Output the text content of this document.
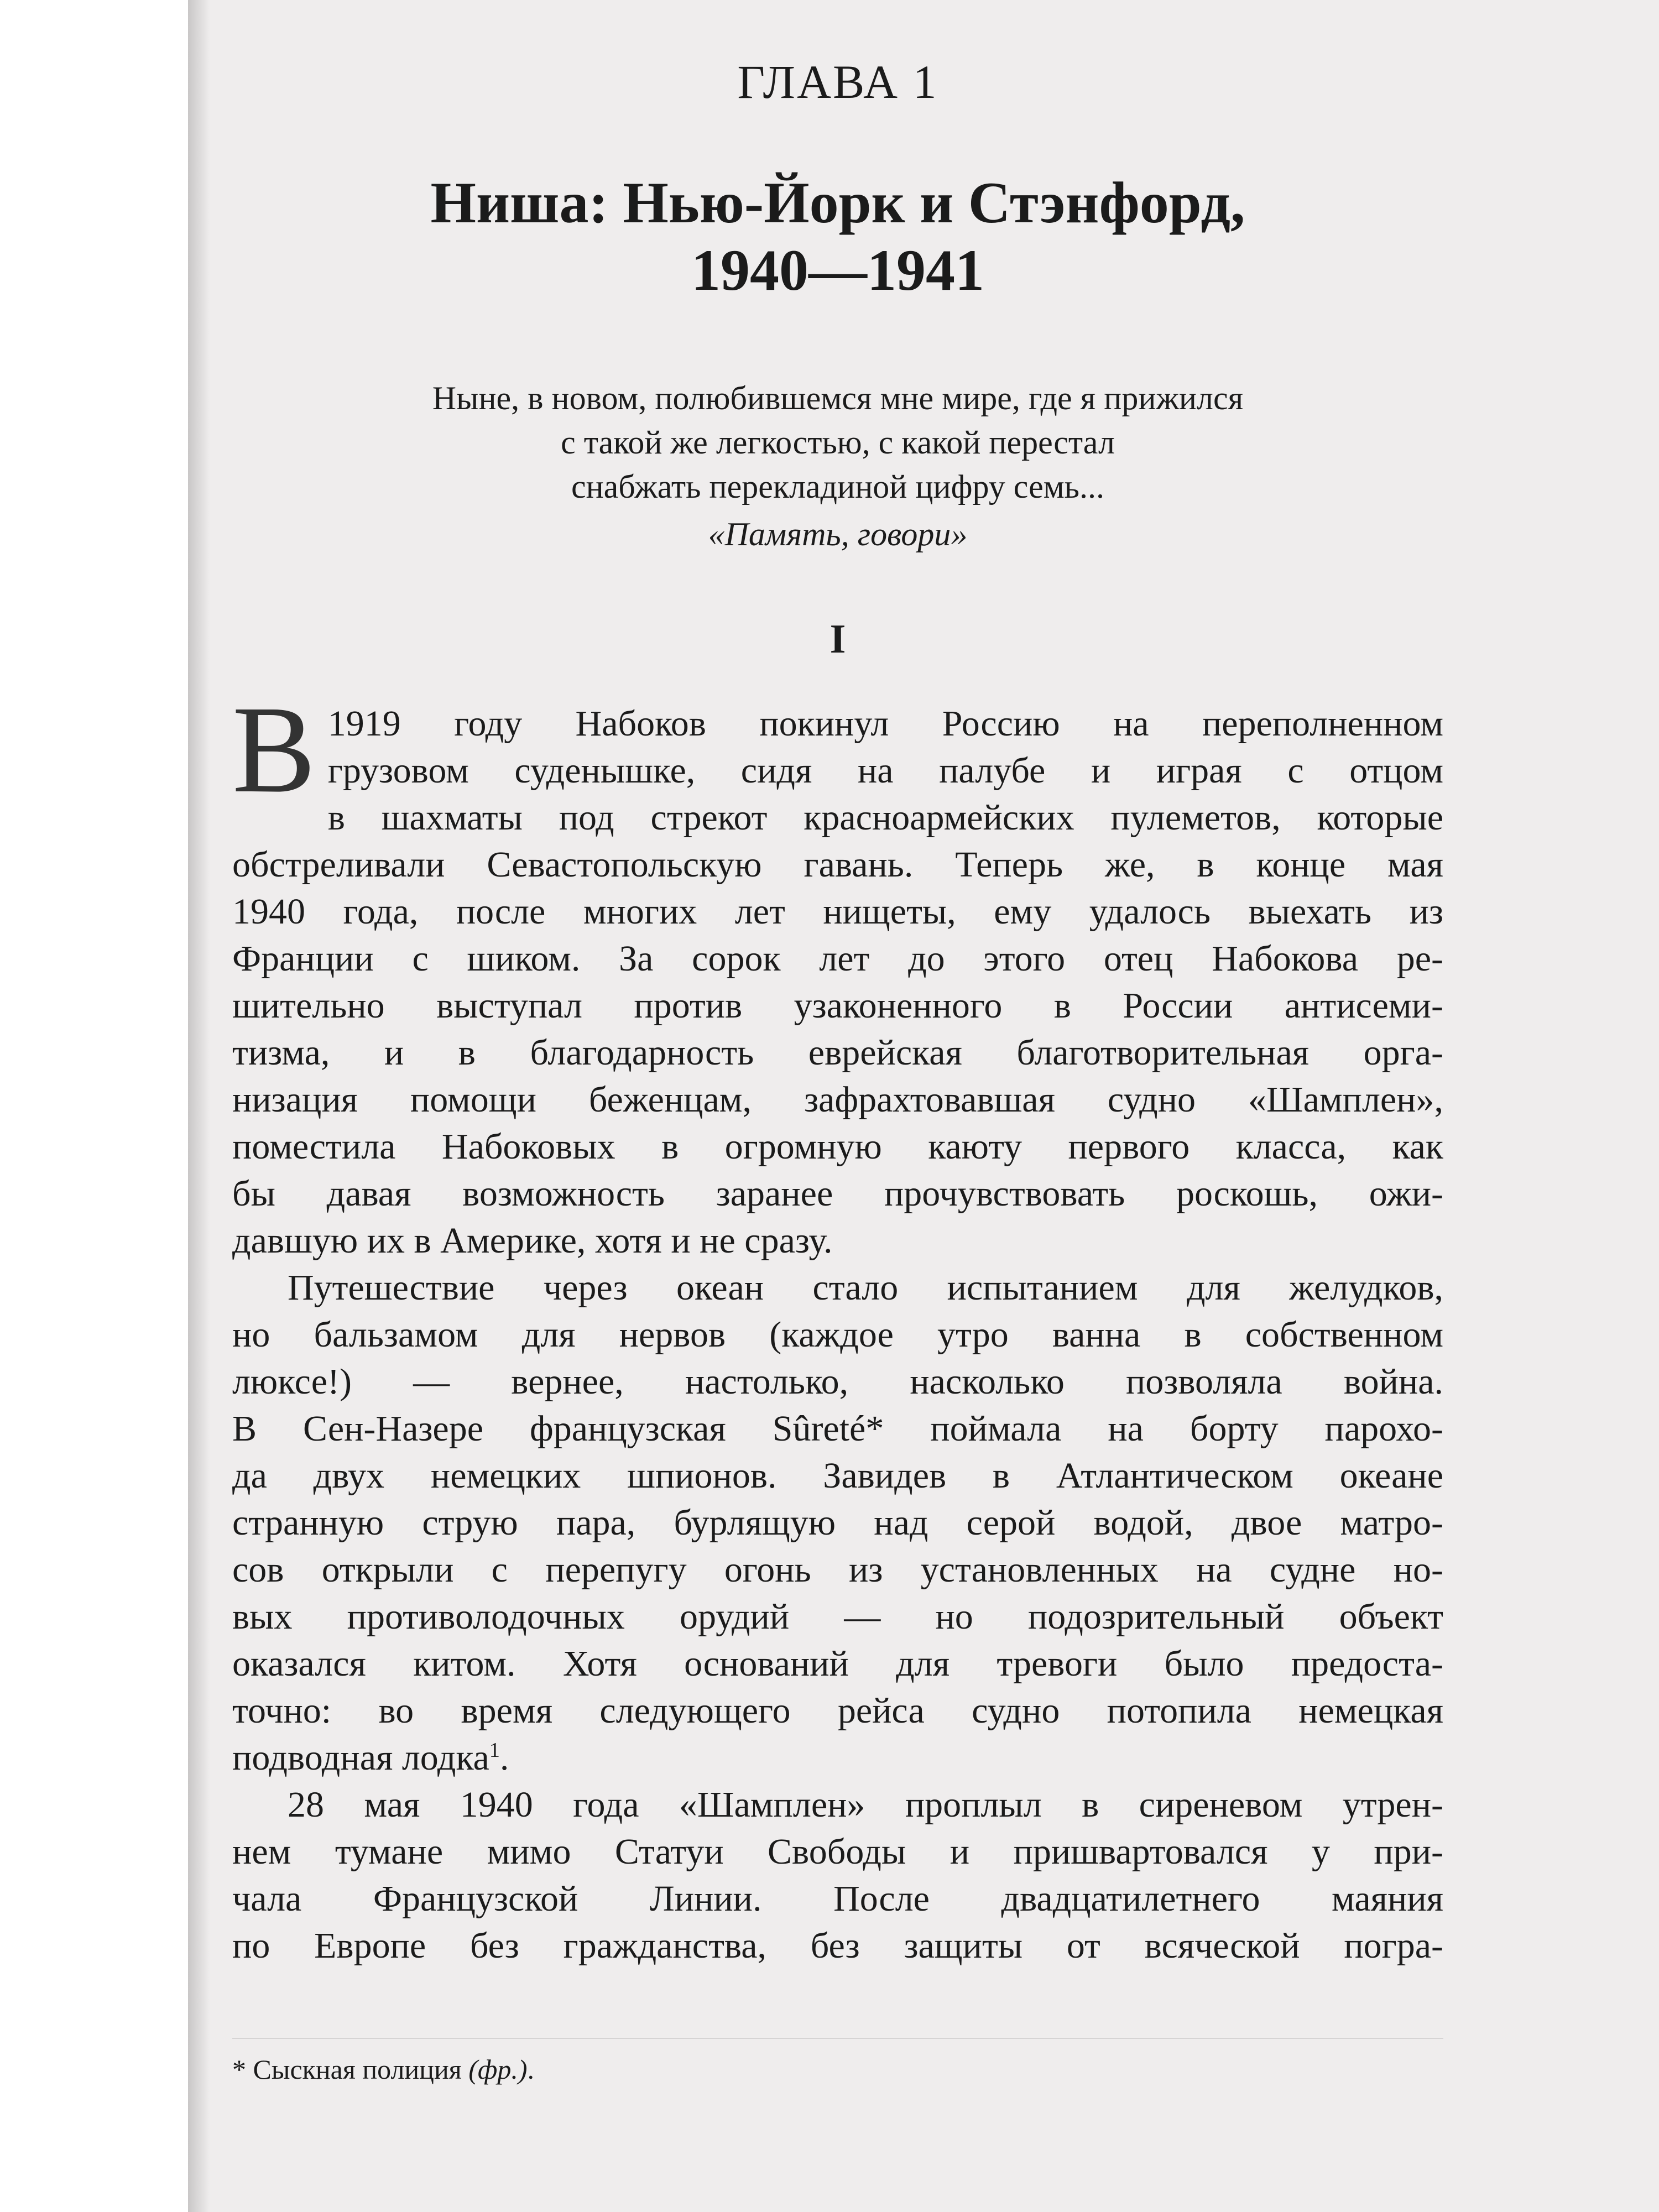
ГЛАВА 1
Ниша: Нью-Йорк и Стэнфорд,
1940—1941
Ныне, в новом, полюбившемся мне мире, где я прижился
с такой же легкостью, с какой перестал
снабжать перекладиной цифру семь...
«Память, говори»
I
В 1919 году Набоков покинул Россию на переполненном
грузовом суденышке, сидя на палубе и играя с отцом
в шахматы под стрекот красноармейских пулеметов, которые
обстреливали Севастопольскую гавань. Теперь же, в конце мая
1940 года, после многих лет нищеты, ему удалось выехать из
Франции с шиком. За сорок лет до этого отец Набокова ре-
шительно выступал против узаконенного в России антисеми-
тизма, и в благодарность еврейская благотворительная орга-
низация помощи беженцам, зафрахтовавшая судно «Шамплен»,
поместила Набоковых в огромную каюту первого класса, как
бы давая возможность заранее прочувствовать роскошь, ожи-
давшую их в Америке, хотя и не сразу.
Путешествие через океан стало испытанием для желудков,
но бальзамом для нервов (каждое утро ванна в собственном
люксе!) — вернее, настолько, насколько позволяла война.
В Сен-Назере французская Sûreté* поймала на борту парохо-
да двух немецких шпионов. Завидев в Атлантическом океане
странную струю пара, бурлящую над серой водой, двое матро-
сов открыли с перепугу огонь из установленных на судне но-
вых противолодочных орудий — но подозрительный объект
оказался китом. Хотя оснований для тревоги было предоста-
точно: во время следующего рейса судно потопила немецкая
подводная лодка$^1$.
28 мая 1940 года «Шамплен» проплыл в сиреневом утрен-
нем тумане мимо Статуи Свободы и пришвартовался у при-
чала Французской Линии. После двадцатилетнего маяния
по Европе без гражданства, без защиты от всяческой погра-
* Сыскная полиция (фр.).
